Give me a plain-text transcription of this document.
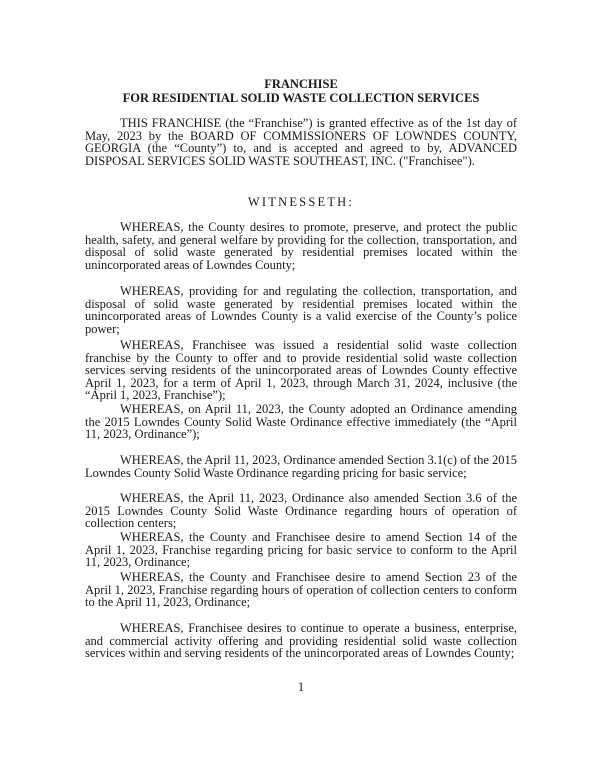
FRANCHISE
FOR RESIDENTIAL SOLID WASTE COLLECTION SERVICES
THIS FRANCHISE (the “Franchise”) is granted effective as of the 1st day of May, 2023 by the BOARD OF COMMISSIONERS OF LOWNDES COUNTY, GEORGIA (the “County”) to, and is accepted and agreed to by, ADVANCED DISPOSAL SERVICES SOLID WASTE SOUTHEAST, INC. ("Franchisee").
WITNESSETH:
WHEREAS, the County desires to promote, preserve, and protect the public health, safety, and general welfare by providing for the collection, transportation, and disposal of solid waste generated by residential premises located within the unincorporated areas of Lowndes County;
WHEREAS, providing for and regulating the collection, transportation, and disposal of solid waste generated by residential premises located within the unincorporated areas of Lowndes County is a valid exercise of the County’s police power;
WHEREAS, Franchisee was issued a residential solid waste collection franchise by the County to offer and to provide residential solid waste collection services serving residents of the unincorporated areas of Lowndes County effective April 1, 2023, for a term of April 1, 2023, through March 31, 2024, inclusive (the “April 1, 2023, Franchise”);
WHEREAS, on April 11, 2023, the County adopted an Ordinance amending the 2015 Lowndes County Solid Waste Ordinance effective immediately (the “April 11, 2023, Ordinance”);
WHEREAS, the April 11, 2023, Ordinance amended Section 3.1(c) of the 2015 Lowndes County Solid Waste Ordinance regarding pricing for basic service;
WHEREAS, the April 11, 2023, Ordinance also amended Section 3.6 of the 2015 Lowndes County Solid Waste Ordinance regarding hours of operation of collection centers;
WHEREAS, the County and Franchisee desire to amend Section 14 of the April 1, 2023, Franchise regarding pricing for basic service to conform to the April 11, 2023, Ordinance;
WHEREAS, the County and Franchisee desire to amend Section 23 of the April 1, 2023, Franchise regarding hours of operation of collection centers to conform to the April 11, 2023, Ordinance;
WHEREAS, Franchisee desires to continue to operate a business, enterprise, and commercial activity offering and providing residential solid waste collection services within and serving residents of the unincorporated areas of Lowndes County;
1
